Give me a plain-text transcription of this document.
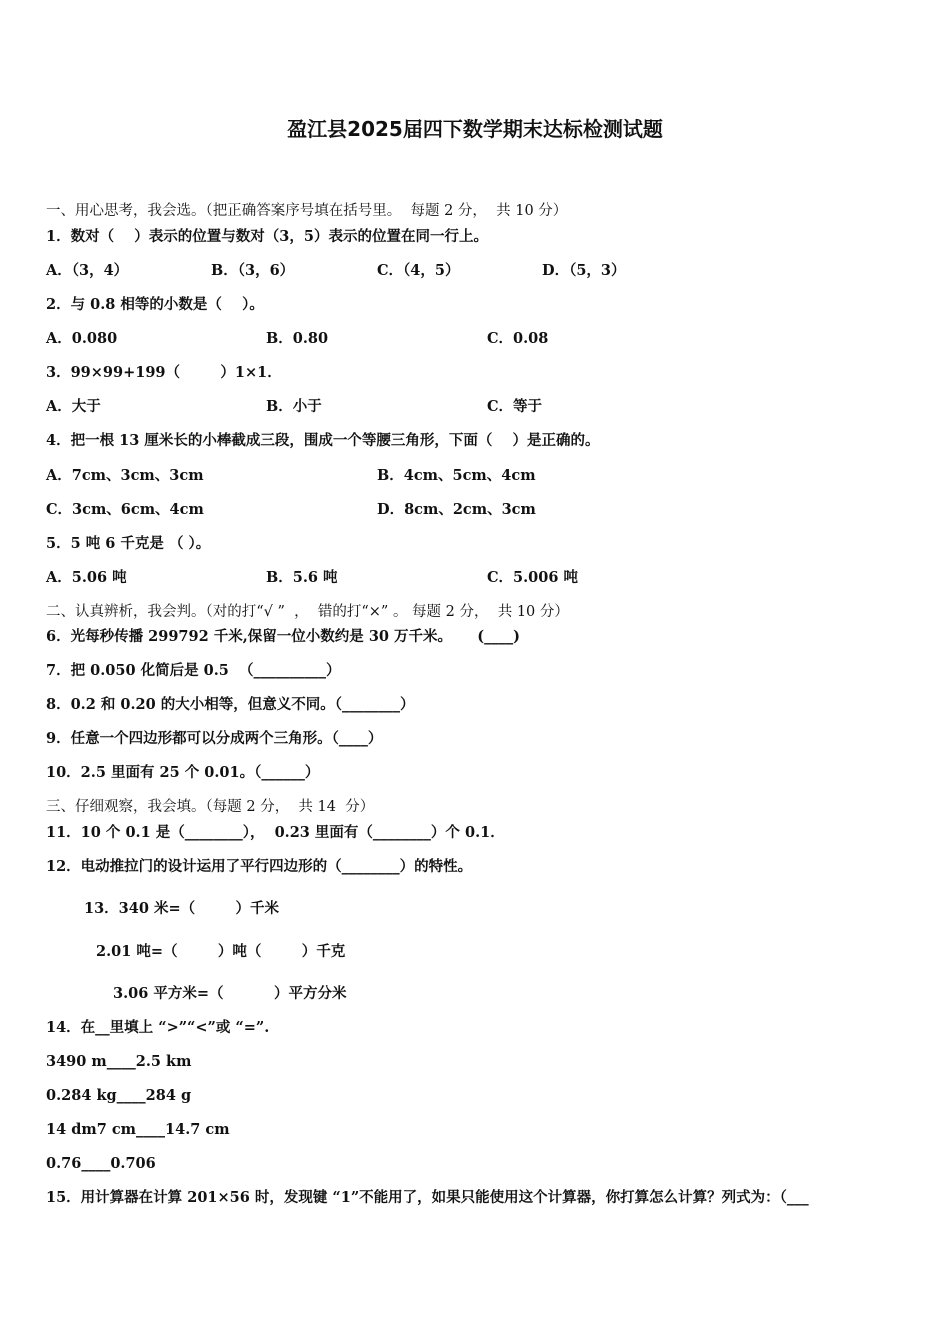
盈江县2025届四下数学期末达标检测试题
一、用心思考，我会选。（把正确答案序号填在括号里。  每题 2 分，  共 10 分）
1．数对（    ）表示的位置与数对（3，5）表示的位置在同一行上。
A．（3，4）	B．（3，6）	C．（4，5）	D．（5，3）
2．与 0.8 相等的小数是（    ）。
A．0.080	B．0.80	C．0.08
3．99×99+199（        ）1×1．
A．大于	B．小于	C．等于
4．把一根 13 厘米长的小棒截成三段，围成一个等腰三角形，下面（    ）是正确的。
A．7cm、3cm、3cm	B．4cm、5cm、4cm
C．3cm、6cm、4cm	D．8cm、2cm、3cm
5．5 吨 6 千克是 （ ）。
A．5.06 吨	B．5.6 吨	C．5.006 吨
二、认真辨析，我会判。（对的打“√ ”  ，  错的打“×” 。 每题 2 分，  共 10 分）
6．光每秒传播 299792 千米,保留一位小数约是 30 万千米。     (____)
7．把 0.050 化简后是 0.5  （__________）
8．0.2 和 0.20 的大小相等，但意义不同。（________）
9．任意一个四边形都可以分成两个三角形。（____）
10．2.5 里面有 25 个 0.01。（______）
三、仔细观察，我会填。（每题 2 分，  共 14  分）
11．10 个 0.1 是（________），  0.23 里面有（________）个 0.1．
12．电动推拉门的设计运用了平行四边形的（________）的特性。
13．340 米=（        ）千米
2.01 吨=（        ）吨（        ）千克
3.06 平方米=（          ）平方分米
14．在__里填上 “>”“<”或 “=”.
3490 m____2.5 km
0.284 kg____284 g
14 dm7 cm____14.7 cm
0.76____0.706
15．用计算器在计算 201×56 时，发现键 “1”不能用了，如果只能使用这个计算器，你打算怎么计算？列式为：（___
